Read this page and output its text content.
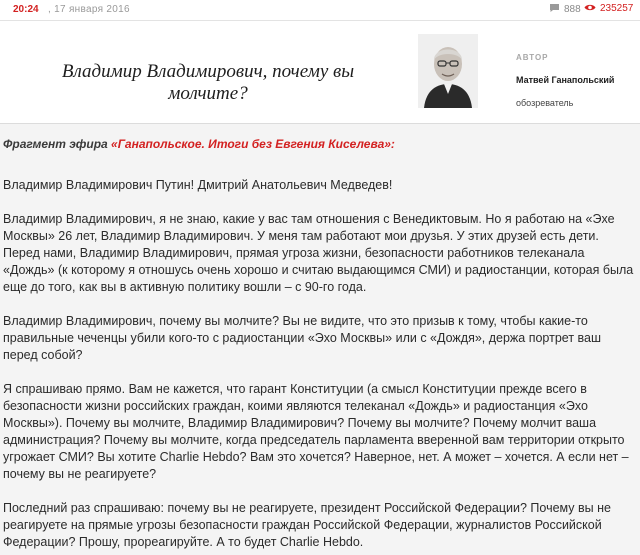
20:24 , 17 января 2016	888	235257
Владимир Владимирович, почему вы молчите?
АВТОР
Матвей Ганапольский
обозреватель
Фрагмент эфира «Ганапольское. Итоги без Евгения Киселева»:
Владимир Владимирович Путин! Дмитрий Анатольевич Медведев!
Владимир Владимирович, я не знаю, какие у вас там отношения с Венедиктовым. Но я работаю на «Эхе Москвы» 26 лет, Владимир Владимирович. У меня там работают мои друзья. У этих друзей есть дети. Перед нами, Владимир Владимирович, прямая угроза жизни, безопасности работников телеканала «Дождь» (к которому я отношусь очень хорошо и считаю выдающимся СМИ) и радиостанции, которая была еще до того, как вы в активную политику вошли – с 90-го года.
Владимир Владимирович, почему вы молчите? Вы не видите, что это призыв к тому, чтобы какие-то правильные чеченцы убили кого-то с радиостанции «Эхо Москвы» или с «Дождя», держа портрет ваш перед собой?
Я спрашиваю прямо. Вам не кажется, что гарант Конституции (а смысл Конституции прежде всего в безопасности жизни российских граждан, коими являются телеканал «Дождь» и радиостанция «Эхо Москвы»). Почему вы молчите, Владимир Владимирович? Почему вы молчите? Почему молчит ваша администрация? Почему вы молчите, когда председатель парламента вверенной вам территории открыто угрожает СМИ? Вы хотите Charlie Hebdo? Вам это хочется? Наверное, нет. А может – хочется. А если нет – почему вы не реагируете?
Последний раз спрашиваю: почему вы не реагируете, президент Российской Федерации? Почему вы не реагируете на прямые угрозы безопасности граждан Российской Федерации, журналистов Российской Федерации? Прошу, прореагируйте. А то будет Charlie Hebdo.
